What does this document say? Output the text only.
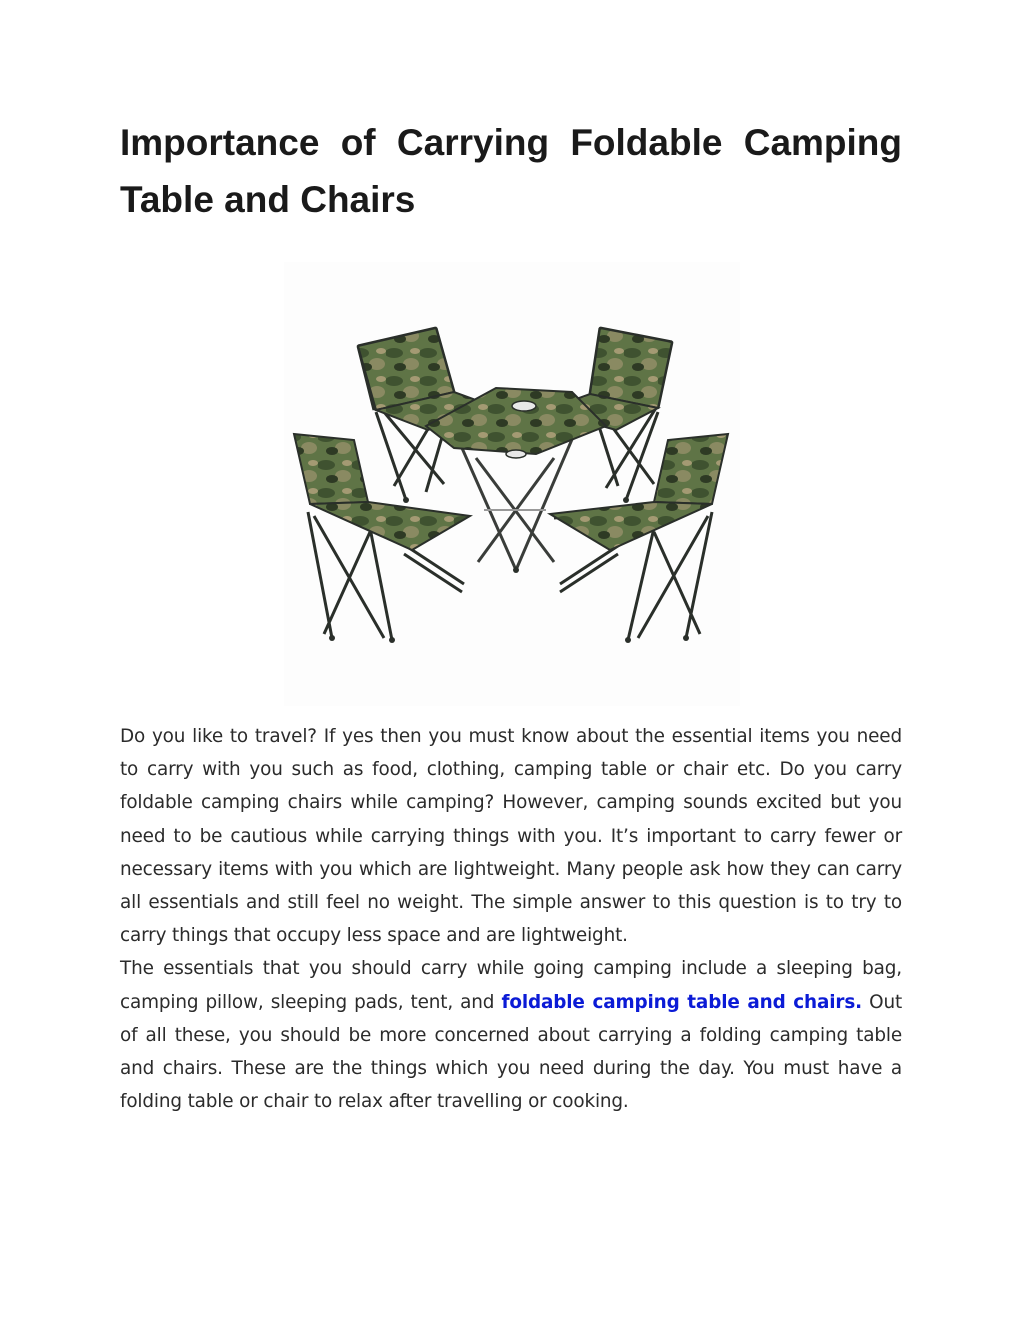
Importance of Carrying Foldable Camping Table and Chairs

Do you like to travel? If yes then you must know about the essential items you need to carry with you such as food, clothing, camping table or chair etc. Do you carry foldable camping chairs while camping? However, camping sounds excited but you need to be cautious while carrying things with you. It’s important to carry fewer or necessary items with you which are lightweight. Many people ask how they can carry all essentials and still feel no weight. The simple answer to this question is to try to carry things that occupy less space and are lightweight.

The essentials that you should carry while going camping include a sleeping bag, camping pillow, sleeping pads, tent, and foldable camping table and chairs. Out of all these, you should be more concerned about carrying a folding camping table and chairs. These are the things which you need during the day. You must have a folding table or chair to relax after travelling or cooking.
